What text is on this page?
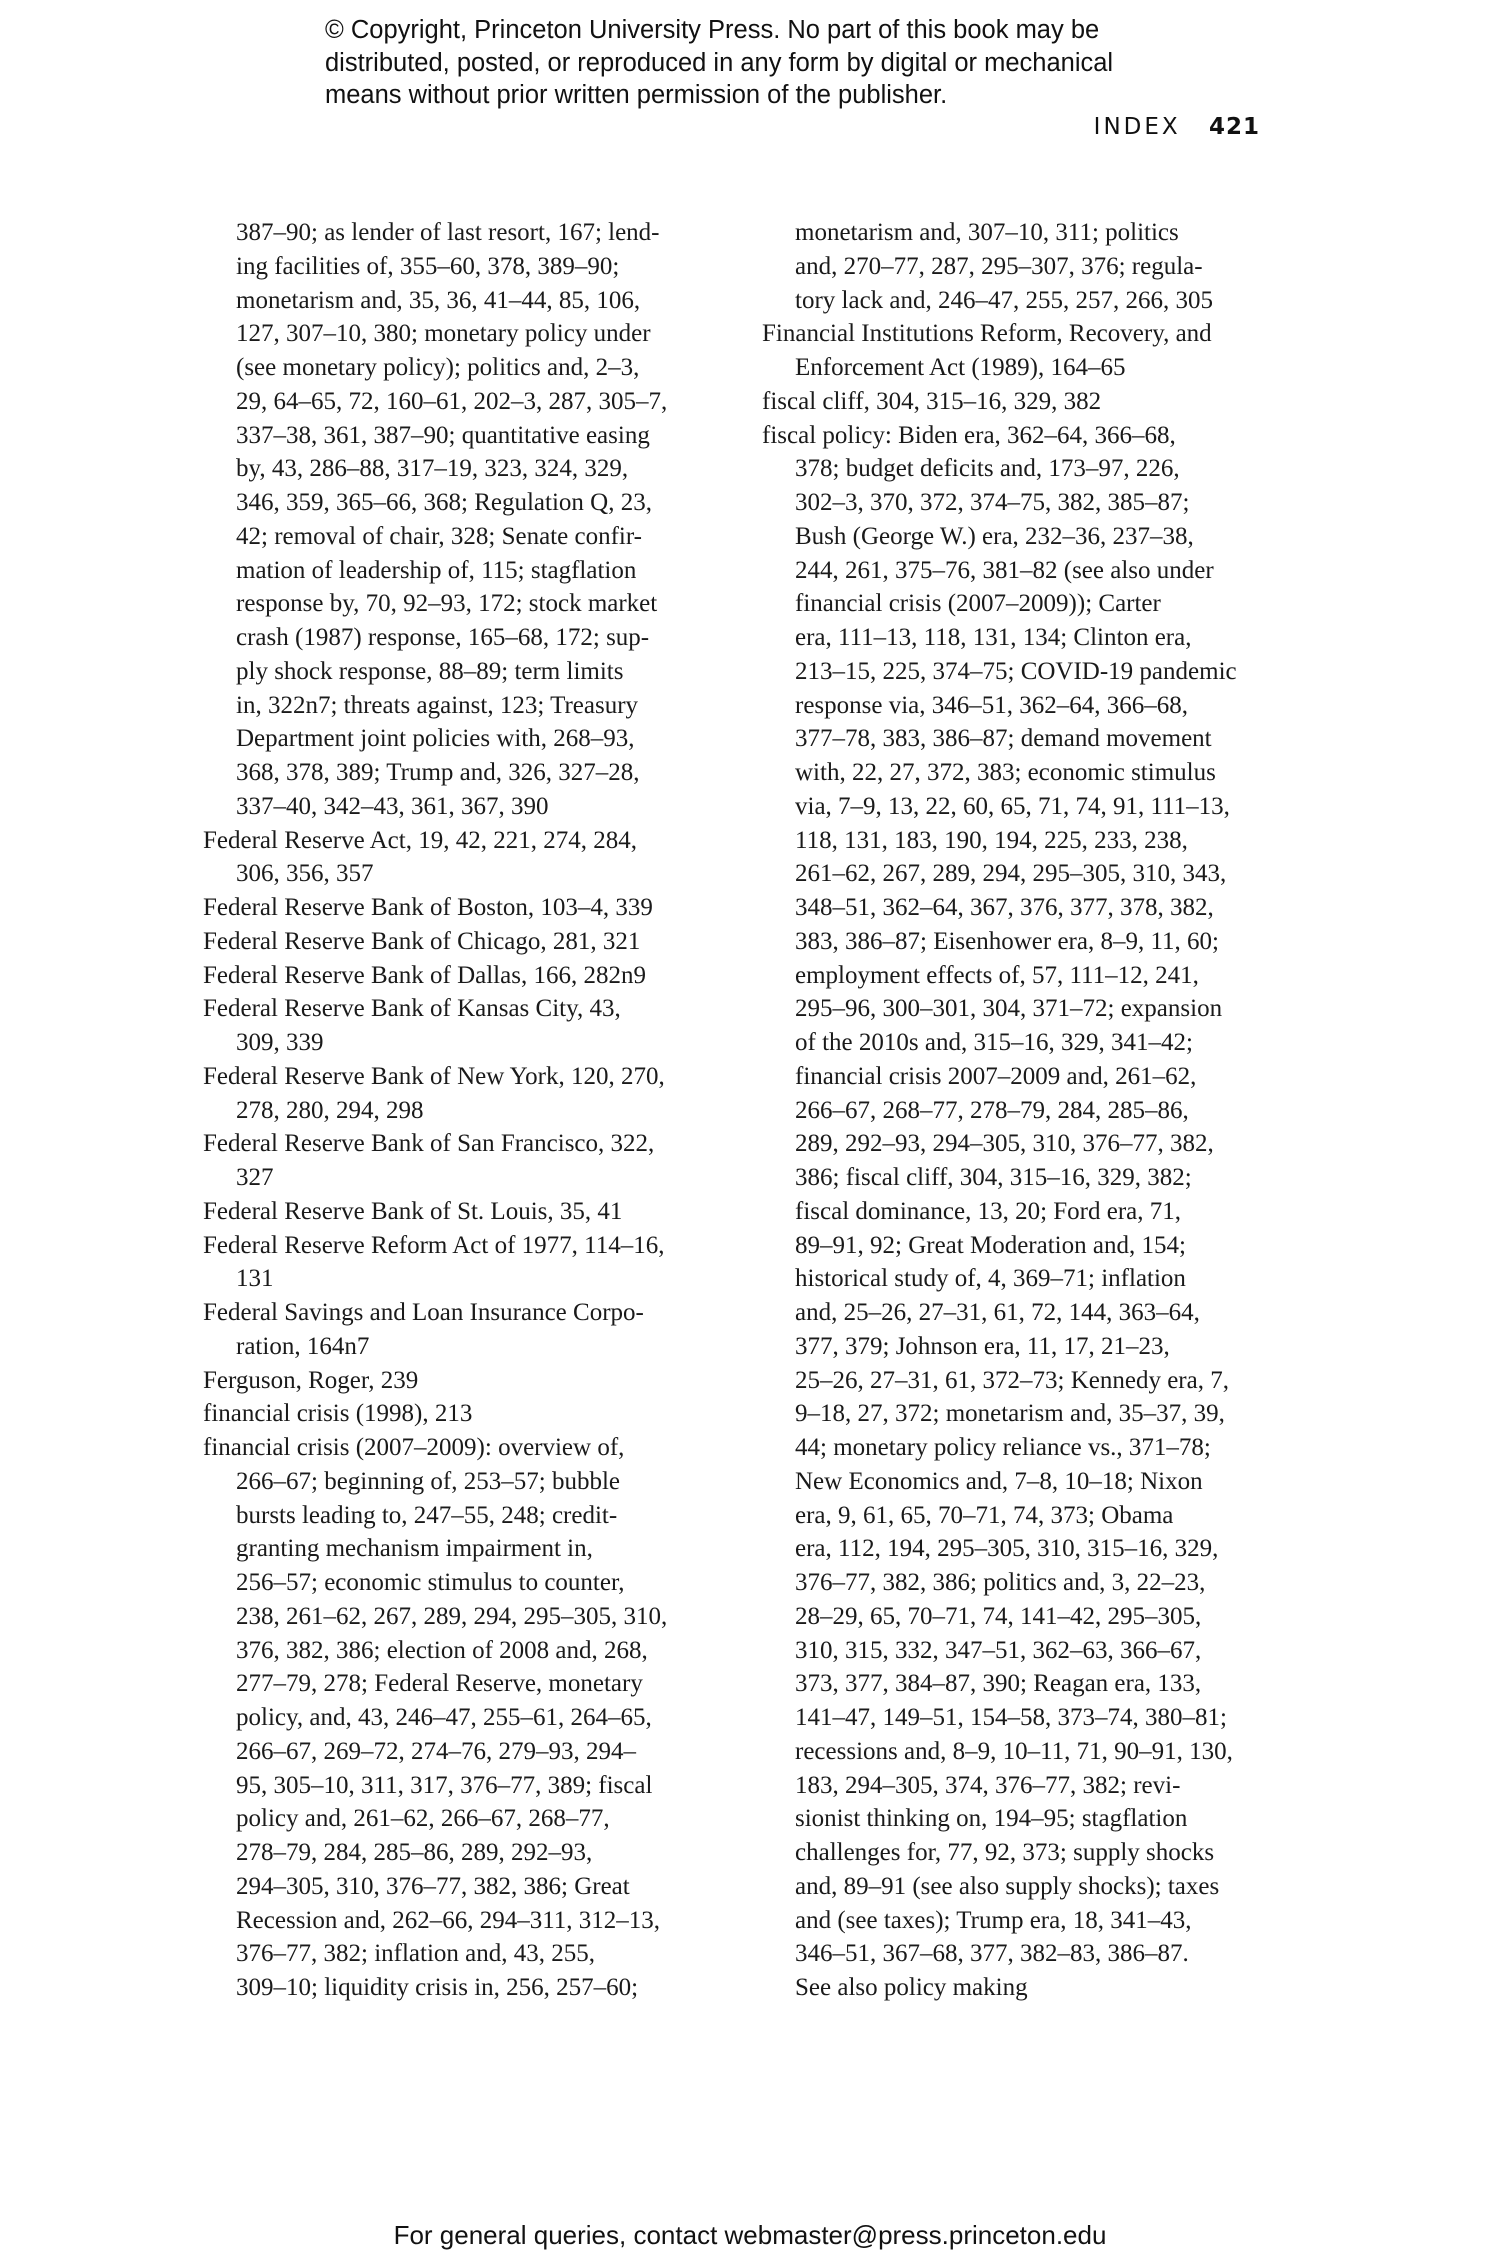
© Copyright, Princeton University Press. No part of this book may be
distributed, posted, or reproduced in any form by digital or mechanical
means without prior written permission of the publisher.
INDEX 421
387–90; as lender of last resort, 167; lend-
ing facilities of, 355–60, 378, 389–90;
monetarism and, 35, 36, 41–44, 85, 106,
127, 307–10, 380; monetary policy under
(see monetary policy); politics and, 2–3,
29, 64–65, 72, 160–61, 202–3, 287, 305–7,
337–38, 361, 387–90; quantitative easing
by, 43, 286–88, 317–19, 323, 324, 329,
346, 359, 365–66, 368; Regulation Q, 23,
42; removal of chair, 328; Senate confir-
mation of leadership of, 115; stagflation
response by, 70, 92–93, 172; stock market
crash (1987) response, 165–68, 172; sup-
ply shock response, 88–89; term limits
in, 322n7; threats against, 123; Treasury
Department joint policies with, 268–93,
368, 378, 389; Trump and, 326, 327–28,
337–40, 342–43, 361, 367, 390
Federal Reserve Act, 19, 42, 221, 274, 284,
306, 356, 357
Federal Reserve Bank of Boston, 103–4, 339
Federal Reserve Bank of Chicago, 281, 321
Federal Reserve Bank of Dallas, 166, 282n9
Federal Reserve Bank of Kansas City, 43,
309, 339
Federal Reserve Bank of New York, 120, 270,
278, 280, 294, 298
Federal Reserve Bank of San Francisco, 322,
327
Federal Reserve Bank of St. Louis, 35, 41
Federal Reserve Reform Act of 1977, 114–16,
131
Federal Savings and Loan Insurance Corpo-
ration, 164n7
Ferguson, Roger, 239
financial crisis (1998), 213
financial crisis (2007–2009): overview of,
266–67; beginning of, 253–57; bubble
bursts leading to, 247–55, 248; credit-
granting mechanism impairment in,
256–57; economic stimulus to counter,
238, 261–62, 267, 289, 294, 295–305, 310,
376, 382, 386; election of 2008 and, 268,
277–79, 278; Federal Reserve, monetary
policy, and, 43, 246–47, 255–61, 264–65,
266–67, 269–72, 274–76, 279–93, 294–
95, 305–10, 311, 317, 376–77, 389; fiscal
policy and, 261–62, 266–67, 268–77,
278–79, 284, 285–86, 289, 292–93,
294–305, 310, 376–77, 382, 386; Great
Recession and, 262–66, 294–311, 312–13,
376–77, 382; inflation and, 43, 255,
309–10; liquidity crisis in, 256, 257–60;
monetarism and, 307–10, 311; politics
and, 270–77, 287, 295–307, 376; regula-
tory lack and, 246–47, 255, 257, 266, 305
Financial Institutions Reform, Recovery, and
Enforcement Act (1989), 164–65
fiscal cliff, 304, 315–16, 329, 382
fiscal policy: Biden era, 362–64, 366–68,
378; budget deficits and, 173–97, 226,
302–3, 370, 372, 374–75, 382, 385–87;
Bush (George W.) era, 232–36, 237–38,
244, 261, 375–76, 381–82 (see also under
financial crisis (2007–2009)); Carter
era, 111–13, 118, 131, 134; Clinton era,
213–15, 225, 374–75; COVID-19 pandemic
response via, 346–51, 362–64, 366–68,
377–78, 383, 386–87; demand movement
with, 22, 27, 372, 383; economic stimulus
via, 7–9, 13, 22, 60, 65, 71, 74, 91, 111–13,
118, 131, 183, 190, 194, 225, 233, 238,
261–62, 267, 289, 294, 295–305, 310, 343,
348–51, 362–64, 367, 376, 377, 378, 382,
383, 386–87; Eisenhower era, 8–9, 11, 60;
employment effects of, 57, 111–12, 241,
295–96, 300–301, 304, 371–72; expansion
of the 2010s and, 315–16, 329, 341–42;
financial crisis 2007–2009 and, 261–62,
266–67, 268–77, 278–79, 284, 285–86,
289, 292–93, 294–305, 310, 376–77, 382,
386; fiscal cliff, 304, 315–16, 329, 382;
fiscal dominance, 13, 20; Ford era, 71,
89–91, 92; Great Moderation and, 154;
historical study of, 4, 369–71; inflation
and, 25–26, 27–31, 61, 72, 144, 363–64,
377, 379; Johnson era, 11, 17, 21–23,
25–26, 27–31, 61, 372–73; Kennedy era, 7,
9–18, 27, 372; monetarism and, 35–37, 39,
44; monetary policy reliance vs., 371–78;
New Economics and, 7–8, 10–18; Nixon
era, 9, 61, 65, 70–71, 74, 373; Obama
era, 112, 194, 295–305, 310, 315–16, 329,
376–77, 382, 386; politics and, 3, 22–23,
28–29, 65, 70–71, 74, 141–42, 295–305,
310, 315, 332, 347–51, 362–63, 366–67,
373, 377, 384–87, 390; Reagan era, 133,
141–47, 149–51, 154–58, 373–74, 380–81;
recessions and, 8–9, 10–11, 71, 90–91, 130,
183, 294–305, 374, 376–77, 382; revi-
sionist thinking on, 194–95; stagflation
challenges for, 77, 92, 373; supply shocks
and, 89–91 (see also supply shocks); taxes
and (see taxes); Trump era, 18, 341–43,
346–51, 367–68, 377, 382–83, 386–87.
See also policy making
For general queries, contact webmaster@press.princeton.edu
